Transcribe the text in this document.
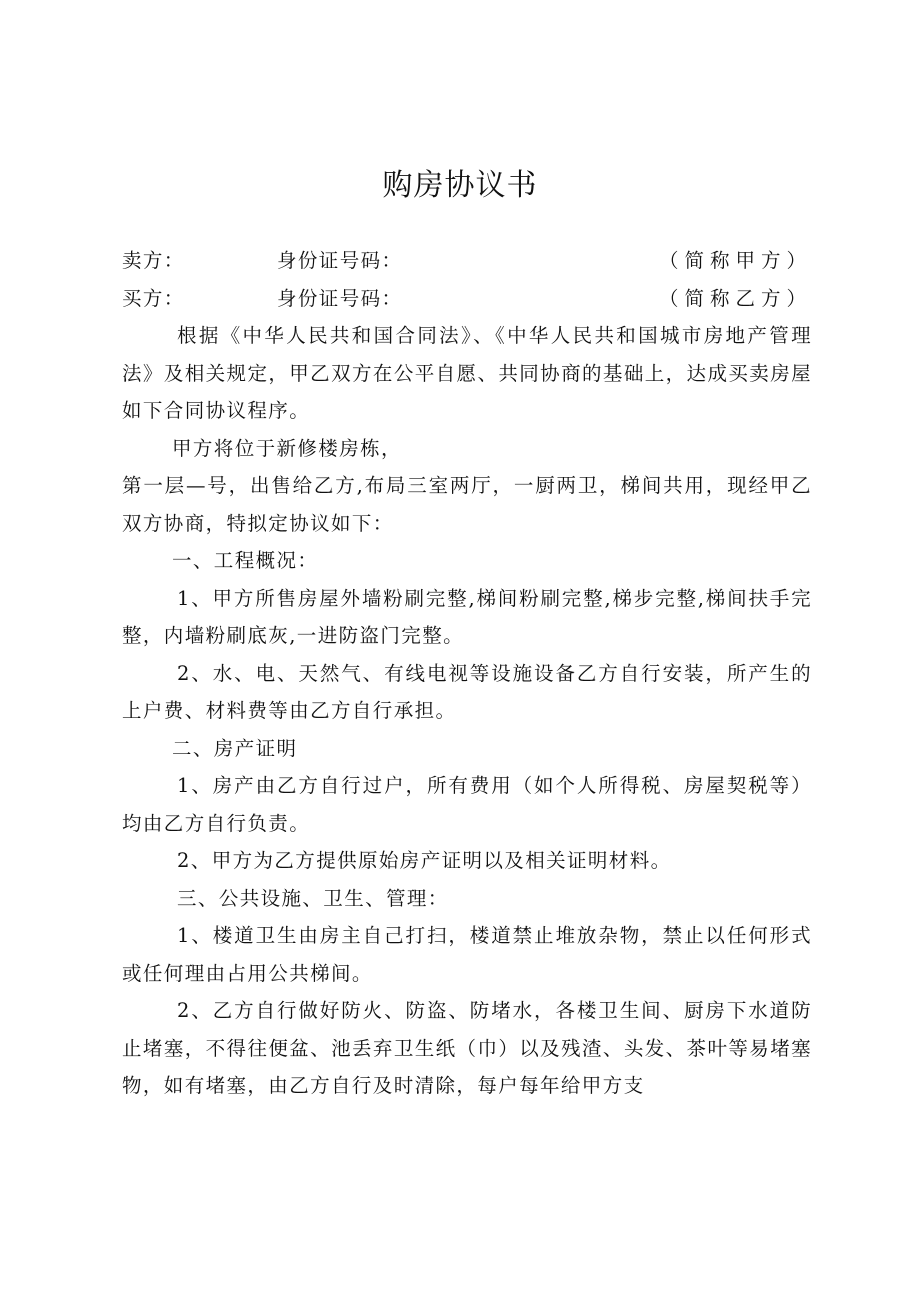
购房协议书
卖方：	身份证号码：	（简称甲方）
买方：	身份证号码：	（简称乙方）

根据《中华人民共和国合同法》、《中华人民共和国城市房地产管理法》及相关规定，甲乙双方在公平自愿、共同协商的基础上，达成买卖房屋如下合同协议程序。

甲方将位于新修楼房栋，

第一层—号，出售给乙方,布局三室两厅，一厨两卫，梯间共用，现经甲乙双方协商，特拟定协议如下：

一、工程概况：

1、甲方所售房屋外墙粉刷完整,梯间粉刷完整,梯步完整,梯间扶手完整，内墙粉刷底灰,一进防盗门完整。

2、水、电、天然气、有线电视等设施设备乙方自行安装，所产生的上户费、材料费等由乙方自行承担。

二、房产证明

1、房产由乙方自行过户，所有费用（如个人所得税、房屋契税等）均由乙方自行负责。

2、甲方为乙方提供原始房产证明以及相关证明材料。

三、公共设施、卫生、管理：

1、楼道卫生由房主自己打扫，楼道禁止堆放杂物，禁止以任何形式或任何理由占用公共梯间。

2、乙方自行做好防火、防盗、防堵水，各楼卫生间、厨房下水道防止堵塞，不得往便盆、池丢弃卫生纸（巾）以及残渣、头发、茶叶等易堵塞物，如有堵塞，由乙方自行及时清除，每户每年给甲方支
